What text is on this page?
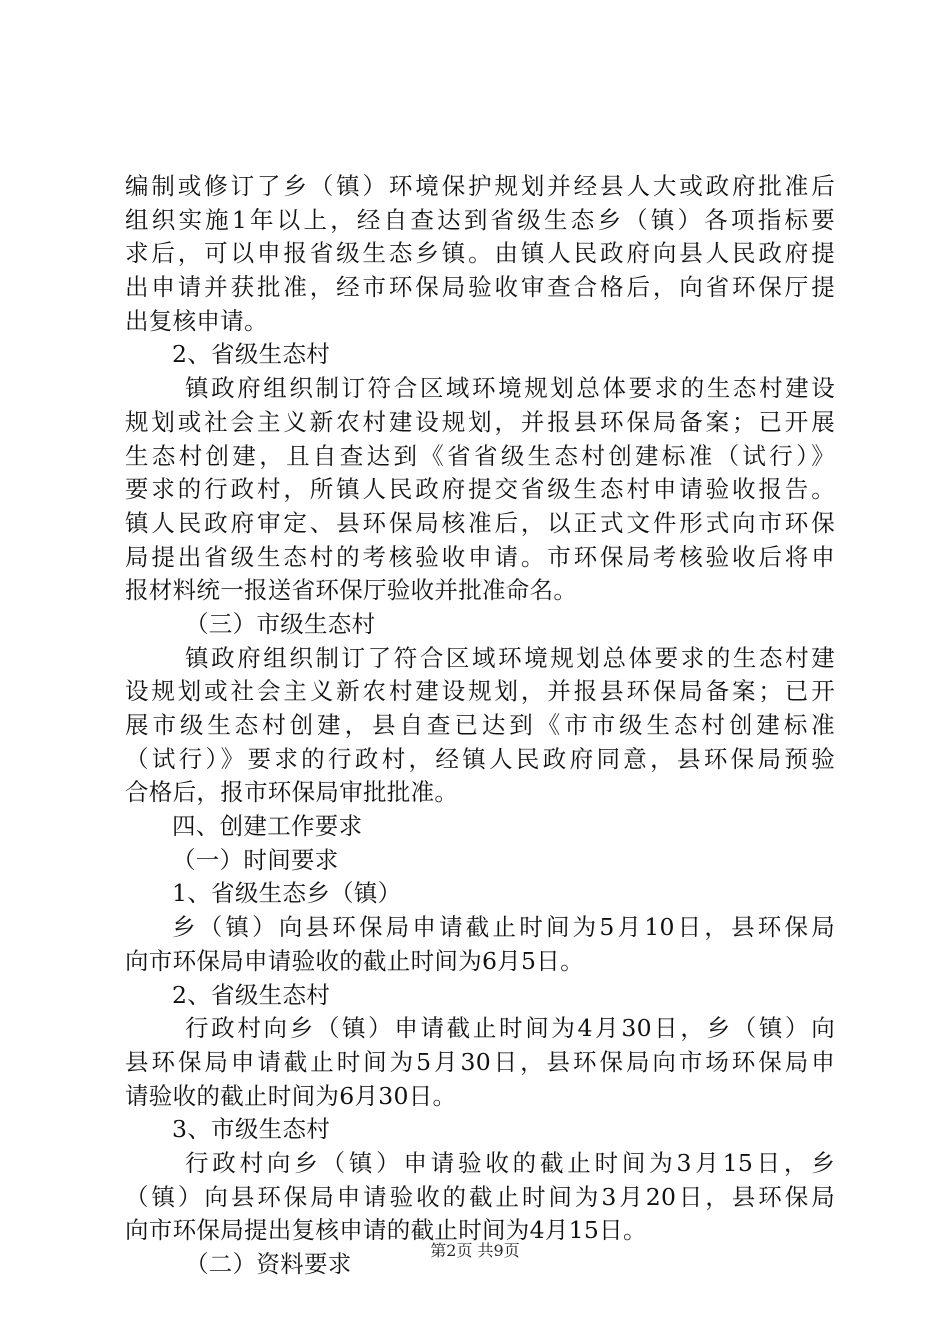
编制或修订了乡（镇）环境保护规划并经县人大或政府批准后
组织实施1年以上，经自查达到省级生态乡（镇）各项指标要
求后，可以申报省级生态乡镇。由镇人民政府向县人民政府提
出申请并获批准，经市环保局验收审查合格后，向省环保厅提
出复核申请。
2、省级生态村
镇政府组织制订符合区域环境规划总体要求的生态村建设
规划或社会主义新农村建设规划，并报县环保局备案；已开展
生态村创建，且自查达到《省省级生态村创建标准（试行）》
要求的行政村，所镇人民政府提交省级生态村申请验收报告。
镇人民政府审定、县环保局核准后，以正式文件形式向市环保
局提出省级生态村的考核验收申请。市环保局考核验收后将申
报材料统一报送省环保厅验收并批准命名。
（三）市级生态村
镇政府组织制订了符合区域环境规划总体要求的生态村建
设规划或社会主义新农村建设规划，并报县环保局备案；已开
展市级生态村创建，县自查已达到《市市级生态村创建标准
（试行）》要求的行政村，经镇人民政府同意，县环保局预验
合格后，报市环保局审批批准。
四、创建工作要求
（一）时间要求
1、省级生态乡（镇）
乡（镇）向县环保局申请截止时间为5月10日，县环保局
向市环保局申请验收的截止时间为6月5日。
2、省级生态村
行政村向乡（镇）申请截止时间为4月30日，乡（镇）向
县环保局申请截止时间为5月30日，县环保局向市场环保局申
请验收的截止时间为6月30日。
3、市级生态村
行政村向乡（镇）申请验收的截止时间为3月15日，乡
（镇）向县环保局申请验收的截止时间为3月20日，县环保局
向市环保局提出复核申请的截止时间为4月15日。
（二）资料要求	第2页 共9页
